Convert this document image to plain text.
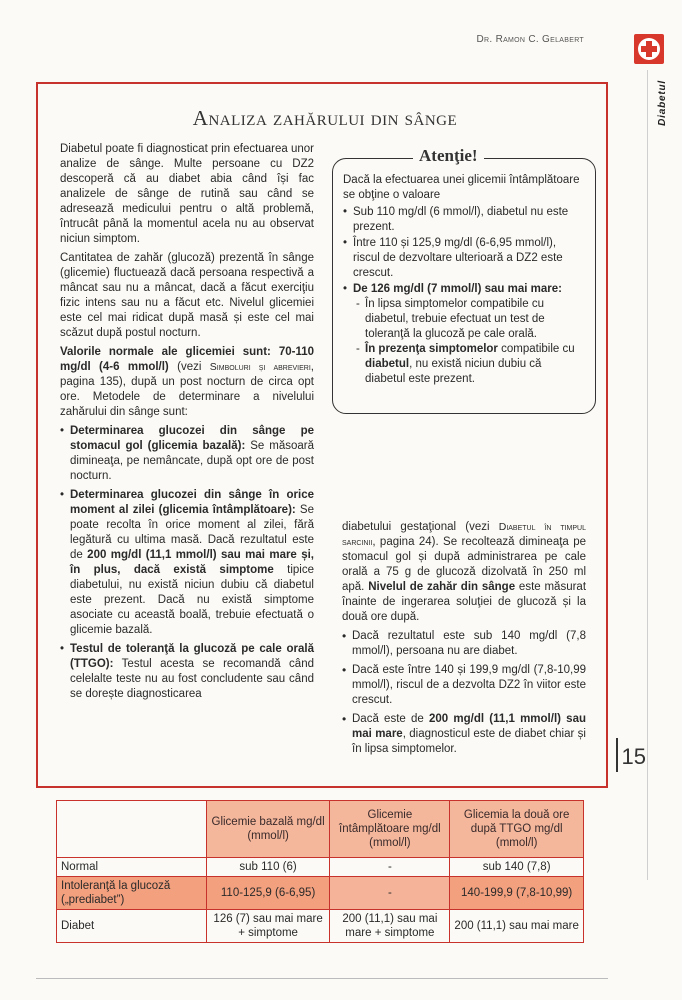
Dr. Ramon C. Gelabert
Diabetul
15
Analiza zahărului din sânge

Diabetul poate fi diagnosticat prin efectuarea unor analize de sânge. Multe persoane cu DZ2 descoperă că au diabet abia când își fac analizele de sânge de rutină sau când se adresează medicului pentru o altă problemă, întrucât până la momentul acela nu au observat niciun simptom.

Cantitatea de zahăr (glucoză) prezentă în sânge (glicemie) fluctuează dacă persoana respectivă a mâncat sau nu a mâncat, dacă a făcut exerciţiu fizic intens sau nu a făcut etc. Nivelul glicemiei este cel mai ridicat după masă și este cel mai scăzut după postul nocturn.

Valorile normale ale glicemiei sunt: 70-110 mg/dl (4-6 mmol/l) (vezi Simboluri și abrevieri, pagina 135), după un post nocturn de circa opt ore. Metodele de determinare a nivelului zahărului din sânge sunt:

• Determinarea glucozei din sânge pe stomacul gol (glicemia bazală): Se măsoară dimineaţa, pe nemâncate, după opt ore de post nocturn.
• Determinarea glucozei din sânge în orice moment al zilei (glicemia întâmplătoare): Se poate recolta în orice moment al zilei, fără legătură cu ultima masă. Dacă rezultatul este de 200 mg/dl (11,1 mmol/l) sau mai mare și, în plus, dacă există simptome tipice diabetului, nu există niciun dubiu că diabetul este prezent. Dacă nu există simptome asociate cu această boală, trebuie efectuată o glicemie bazală.
• Testul de toleranţă la glucoză pe cale orală (TTGO): Testul acesta se recomandă când celelalte teste nu au fost concludente sau când se dorește diagnosticarea
Atenţie!

Dacă la efectuarea unei glicemii întâmplătoare se obţine o valoare

• Sub 110 mg/dl (6 mmol/l), diabetul nu este prezent.
• Între 110 și 125,9 mg/dl (6-6,95 mmol/l), riscul de dezvoltare ulterioară a DZ2 este crescut.
• De 126 mg/dl (7 mmol/l) sau mai mare:
- În lipsa simptomelor compatibile cu diabetul, trebuie efectuat un test de toleranţă la glucoză pe cale orală.
- În prezenţa simptomelor compatibile cu diabetul, nu există niciun dubiu că diabetul este prezent.

diabetului gestaţional (vezi Diabetul în timpul sarcinii, pagina 24). Se recoltează dimineaţa pe stomacul gol și după administrarea pe cale orală a 75 g de glucoză dizolvată în 250 ml apă. Nivelul de zahăr din sânge este măsurat înainte de ingerarea soluţiei de glucoză și la două ore după.

• Dacă rezultatul este sub 140 mg/dl (7,8 mmol/l), persoana nu are diabet.
• Dacă este între 140 și 199,9 mg/dl (7,8-10,99 mmol/l), riscul de a dezvolta DZ2 în viitor este crescut.
• Dacă este de 200 mg/dl (11,1 mmol/l) sau mai mare, diagnosticul este de diabet chiar și în lipsa simptomelor.
	Glicemie bazală mg/dl (mmol/l)	Glicemie întâmplătoare mg/dl (mmol/l)	Glicemia la două ore după TTGO mg/dl (mmol/l)
Normal	sub 110 (6)	-	sub 140 (7,8)
Intoleranţă la glucoză („prediabet”)	110-125,9 (6-6,95)	-	140-199,9 (7,8-10,99)
Diabet	126 (7) sau mai mare + simptome	200 (11,1) sau mai mare + simptome	200 (11,1) sau mai mare
